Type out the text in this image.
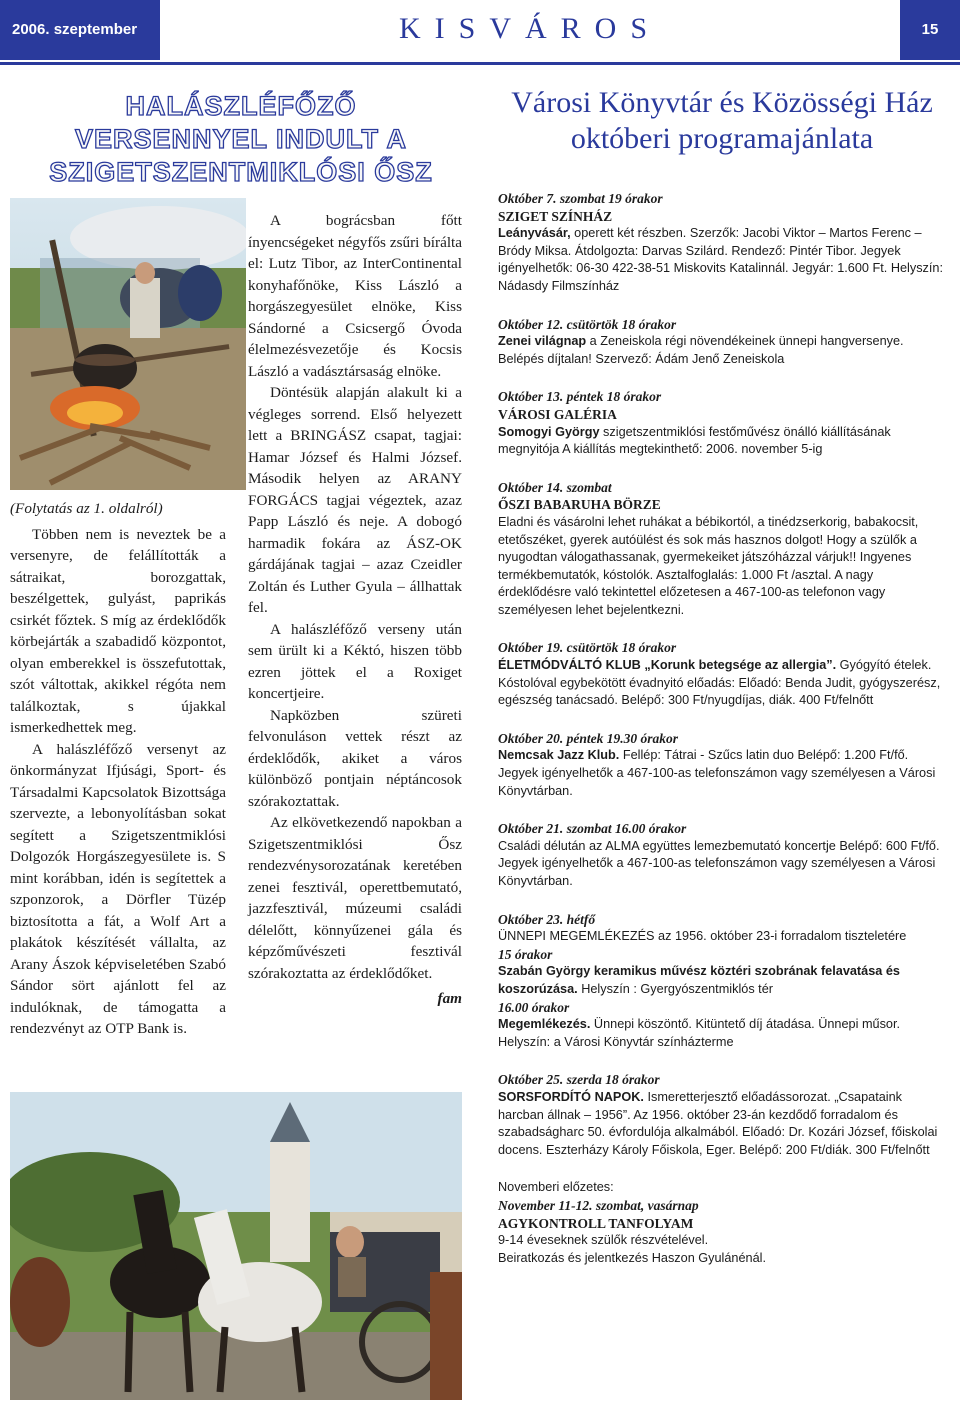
2006. szeptember	KISVÁROS	15
HALÁSZLÉFŐZŐ
VERSENNYEL INDULT A
SZIGETSZENTMIKLÓSI ŐSZ

(Folytatás az 1. oldalról)

Többen nem is neveztek be a versenyre, de felállították a sátraikat, borozgattak, beszélgettek, gulyást, paprikás csirkét főztek. S míg az érdeklődők körbejárták a szabadidő központot, olyan emberekkel is összefutottak, szót váltottak, akikkel régóta nem találkoztak, s újakkal ismerkedhettek meg.

A halászléfőző versenyt az önkormányzat Ifjúsági, Sport- és Társadalmi Kapcsolatok Bizottsága szervezte, a lebonyolításban sokat segített a Szigetszentmiklósi Dolgozók Horgászegyesülete is. S mint korábban, idén is segítettek a szponzorok, a Dörfler Tüzép biztosította a fát, a Wolf Art a plakátok készítését vállalta, az Arany Ászok képviseletében Szabó Sándor sört ajánlott fel az indulóknak, de támogatta a rendezvényt az OTP Bank is.

A bográcsban főtt ínyencségeket négyfős zsűri bírálta el: Lutz Tibor, az InterContinental konyhafőnöke, Kiss László a horgászegyesület elnöke, Kiss Sándorné a Csicsergő Óvoda élelmezésvezetője és Kocsis László a vadásztársaság elnöke.

Döntésük alapján alakult ki a végleges sorrend. Első helyezett lett a BRINGÁSZ csapat, tagjai: Hamar József és Halmi József. Második helyen az ARANY FORGÁCS tagjai végeztek, azaz Papp László és neje. A dobogó harmadik fokára az ÁSZ-OK gárdájának tagjai – azaz Czeidler Zoltán és Luther Gyula – állhattak fel.

A halászléfőző verseny után sem ürült ki a Kéktó, hiszen több ezren jöttek el a Roxiget koncertjeire.

Napközben szüreti felvonuláson vettek részt az érdeklődők, akiket a város különböző pontjain néptáncosok szórakoztattak.

Az elkövetkezendő napokban a Szigetszentmiklósi Ősz rendezvénysorozatának keretében zenei fesztivál, operettbemutató, jazzfesztivál, múzeumi családi délelőtt, könnyűzenei gála és képzőművészeti fesztivál szórakoztatta az érdeklődőket.

fam

Városi Könyvtár és Közösségi Ház
októberi programajánlata
Október 7. szombat 19 órakor
SZIGET SZÍNHÁZ

Leányvásár, operett két részben. Szerzők: Jacobi Viktor – Martos Ferenc – Bródy Miksa. Átdolgozta: Darvas Szilárd. Rendező: Pintér Tibor. Jegyek igényelhetők: 06-30 422-38-51 Miskovits Katalinnál. Jegyár: 1.600 Ft. Helyszín: Nádasdy Filmszínház

Október 12. csütörtök 18 órakor

Zenei világnap a Zeneiskola régi növendékeinek ünnepi hangversenye. Belépés díjtalan! Szervező: Ádám Jenő Zeneiskola

Október 13. péntek 18 órakor
VÁROSI GALÉRIA

Somogyi György szigetszentmiklósi festőművész önálló kiállításának megnyitója A kiállítás megtekinthető: 2006. november 5-ig

Október 14. szombat
ŐSZI BABARUHA BÖRZE

Eladni és vásárolni lehet ruhákat a bébikortól, a tinédzserkorig, babakocsit, etetőszéket, gyerek autóülést és sok más hasznos dolgot! Hogy a szülők a nyugodtan válogathassanak, gyermekeiket játszóházzal várjuk!! Ingyenes termékbemutatók, kóstolók. Asztalfoglalás: 1.000 Ft /asztal. A nagy érdeklődésre való tekintettel előzetesen a 467-100-as telefonon vagy személyesen lehet bejelentkezni.

Október 19. csütörtök 18 órakor

ÉLETMÓDVÁLTÓ KLUB „Korunk betegsége az allergia”. Gyógyító ételek. Kóstolóval egybekötött évadnyitó előadás: Előadó: Benda Judit, gyógyszerész, egészség tanácsadó. Belépő: 300 Ft/nyugdíjas, diák. 400 Ft/felnőtt

Október 20. péntek 19.30 órakor

Nemcsak Jazz Klub. Fellép: Tátrai - Szűcs latin duo Belépő: 1.200 Ft/fő. Jegyek igényelhetők a 467-100-as telefonszámon vagy személyesen a Városi Könyvtárban.

Október 21. szombat 16.00 órakor

Családi délután az ALMA együttes lemezbemutató koncertje Belépő: 600 Ft/fő. Jegyek igényelhetők a 467-100-as telefonszámon vagy személyesen a Városi Könyvtárban.

Október 23. hétfő

ÜNNEPI MEGEMLÉKEZÉS az 1956. október 23-i forradalom tiszteletére

15 órakor

Szabán György keramikus művész köztéri szobrának felavatása és koszorúzása. Helyszín : Gyergyószentmiklós tér

16.00 órakor

Megemlékezés. Ünnepi köszöntő. Kitüntető díj átadása. Ünnepi műsor. Helyszín: a Városi Könyvtár színházterme

Október 25. szerda 18 órakor

SORSFORDÍTÓ NAPOK. Ismeretterjesztő előadássorozat. „Csapataink harcban állnak – 1956”. Az 1956. október 23-án kezdődő forradalom és szabadságharc 50. évfordulója alkalmából. Előadó: Dr. Kozári József, főiskolai docens. Eszterházy Károly Főiskola, Eger. Belépő: 200 Ft/diák. 300 Ft/felnőtt

Novemberi előzetes:

November 11-12. szombat, vasárnap
AGYKONTROLL TANFOLYAM

9-14 éveseknek szülők részvételével.

Beiratkozás és jelentkezés Haszon Gyulánénál.
